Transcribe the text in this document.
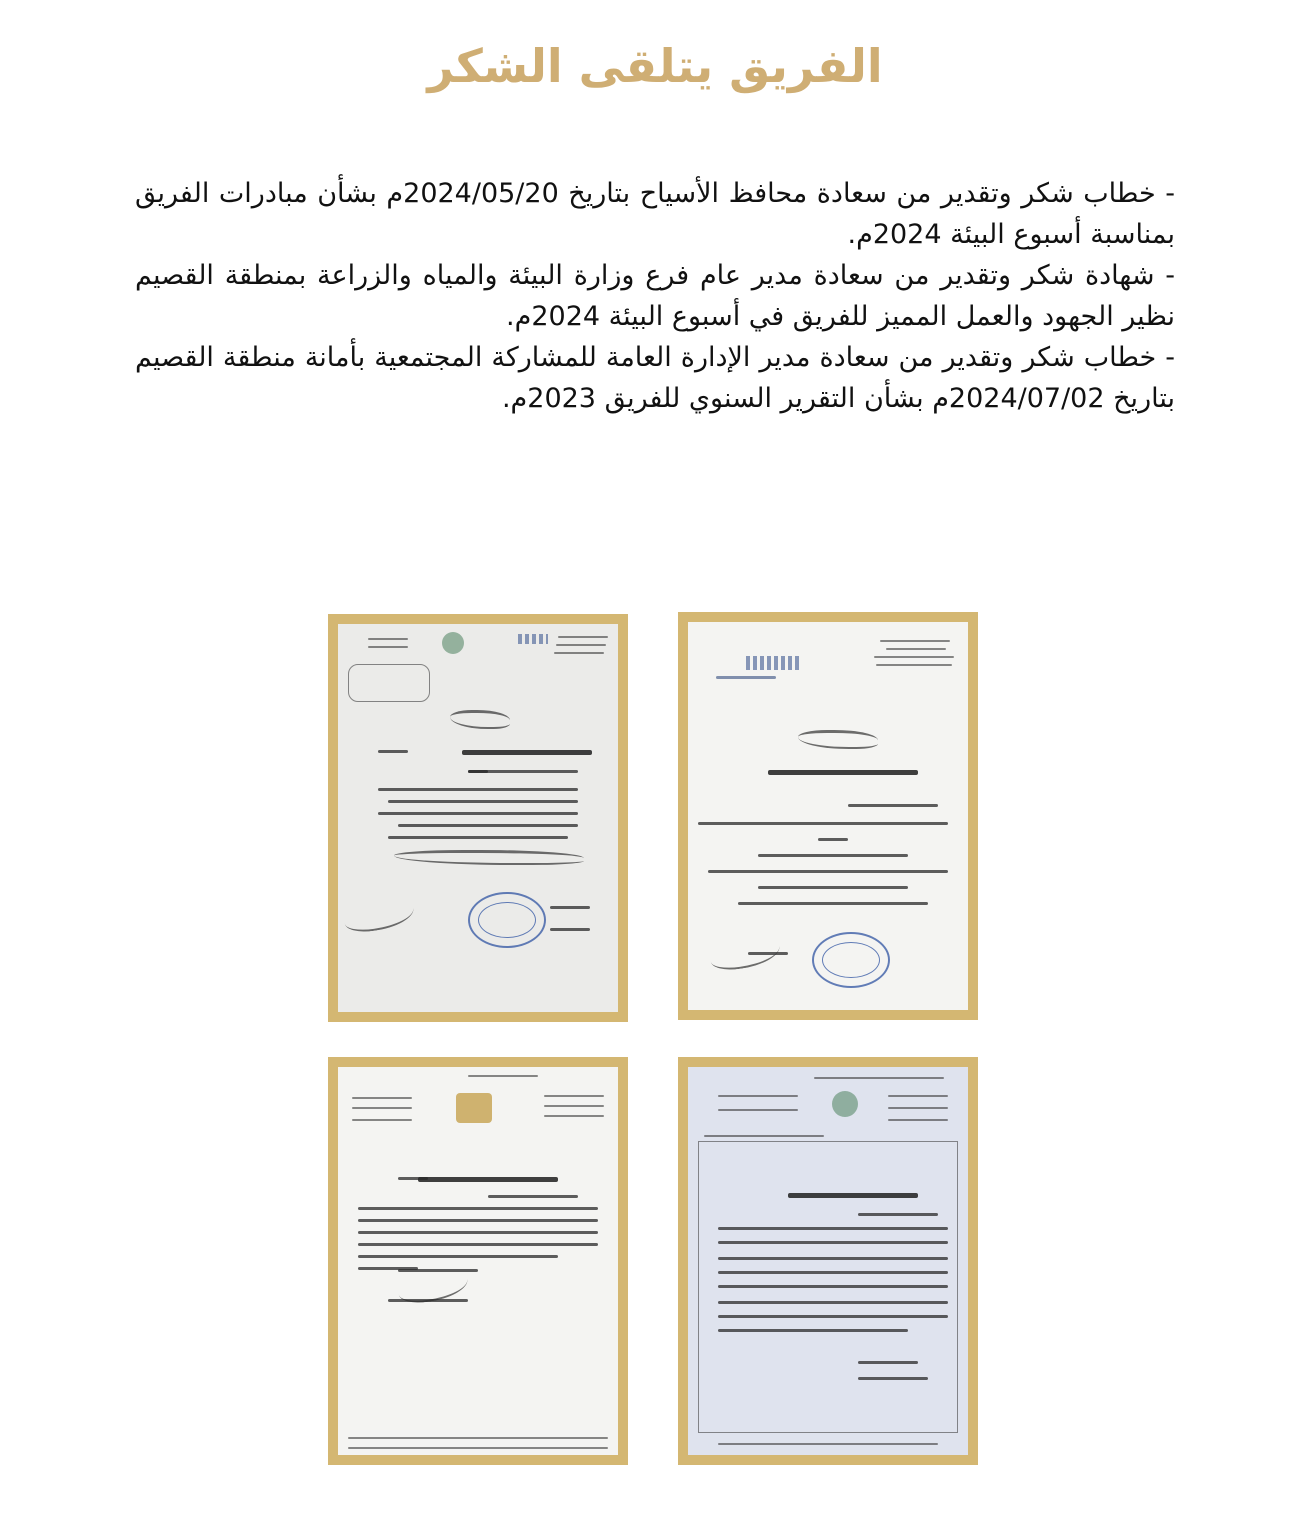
الفريق يتلقى الشكر

- خطاب شكر وتقدير من سعادة محافظ الأسياح بتاريخ 2024/05/20م بشأن مبادرات الفريق بمناسبة أسبوع البيئة 2024م.

- شهادة شكر وتقدير من سعادة مدير عام فرع وزارة البيئة والمياه والزراعة بمنطقة القصيم نظير الجهود والعمل المميز للفريق في أسبوع البيئة 2024م.

- خطاب شكر وتقدير من سعادة مدير الإدارة العامة للمشاركة المجتمعية بأمانة منطقة القصيم بتاريخ 2024/07/02م بشأن التقرير السنوي للفريق 2023م.
